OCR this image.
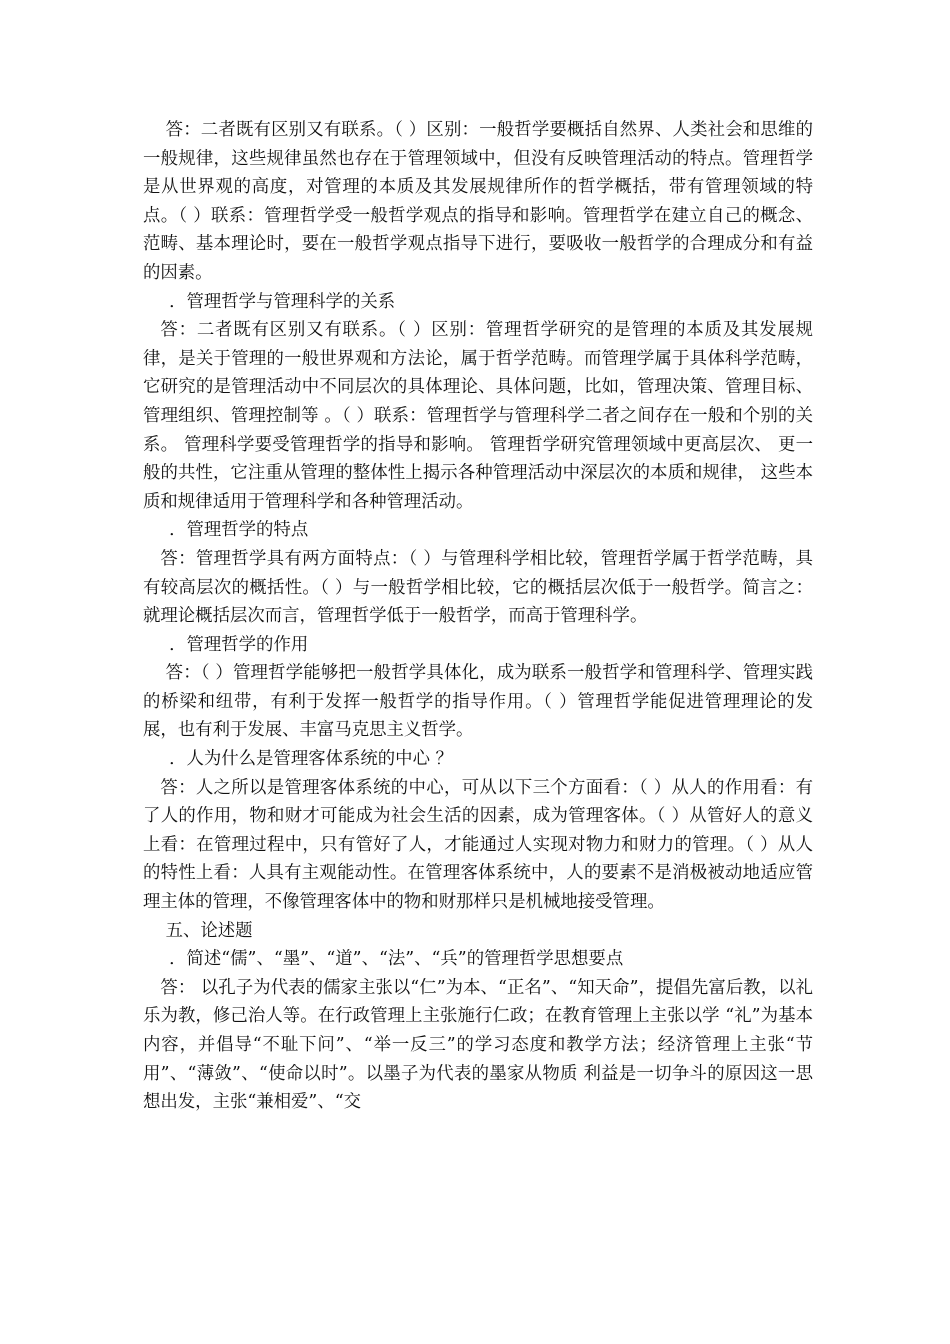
答：二者既有区别又有联系。（ ）区别：一般哲学要概括自然界、人类社会和思维的一般规律，这些规律虽然也存在于管理领域中，但没有反映管理活动的特点。管理哲学是从世界观的高度，对管理的本质及其发展规律所作的哲学概括，带有管理领域的特点。（ ）联系：管理哲学受一般哲学观点的指导和影响。管理哲学在建立自己的概念、范畴、基本理论时，要在一般哲学观点指导下进行，要吸收一般哲学的合理成分和有益的因素。

．管理哲学与管理科学的关系

答：二者既有区别又有联系。（ ）区别：管理哲学研究的是管理的本质及其发展规律，是关于管理的一般世界观和方法论，属于哲学范畴。而管理学属于具体科学范畴，它研究的是管理活动中不同层次的具体理论、具体问题，比如，管理决策、管理目标、管理组织、管理控制等 。（ ）联系：管理哲学与管理科学二者之间存在一般和个别的关系。 管理科学要受管理哲学的指导和影响。 管理哲学研究管理领域中更高层次、 更一般的共性，它注重从管理的整体性上揭示各种管理活动中深层次的本质和规律， 这些本质和规律适用于管理科学和各种管理活动。

．管理哲学的特点

答：管理哲学具有两方面特点：（ ）与管理科学相比较，管理哲学属于哲学范畴，具有较高层次的概括性。（ ）与一般哲学相比较，它的概括层次低于一般哲学。简言之：就理论概括层次而言，管理哲学低于一般哲学，而高于管理科学。

．管理哲学的作用

答：（ ）管理哲学能够把一般哲学具体化，成为联系一般哲学和管理科学、管理实践的桥梁和纽带，有利于发挥一般哲学的指导作用。（ ）管理哲学能促进管理理论的发展，也有利于发展、丰富马克思主义哲学。

．人为什么是管理客体系统的中心 ？

答：人之所以是管理客体系统的中心，可从以下三个方面看：（ ）从人的作用看：有了人的作用，物和财才可能成为社会生活的因素，成为管理客体。（ ）从管好人的意义上看：在管理过程中，只有管好了人，才能通过人实现对物力和财力的管理。（ ）从人的特性上看：人具有主观能动性。在管理客体系统中，人的要素不是消极被动地适应管理主体的管理，不像管理客体中的物和财那样只是机械地接受管理。

五、论述题

．简述“儒”、“墨”、“道”、“法”、“兵”的管理哲学思想要点

答： 以孔子为代表的儒家主张以“仁”为本、“正名”、“知天命”，提倡先富后教，以礼乐为教，修己治人等。在行政管理上主张施行仁政；在教育管理上主张以学 “礼”为基本内容，并倡导“不耻下问”、“举一反三”的学习态度和教学方法；经济管理上主张“节用”、“薄敛”、“使命以时”。以墨子为代表的墨家从物质 利益是一切争斗的原因这一思想出发，主张“兼相爱”、“交
